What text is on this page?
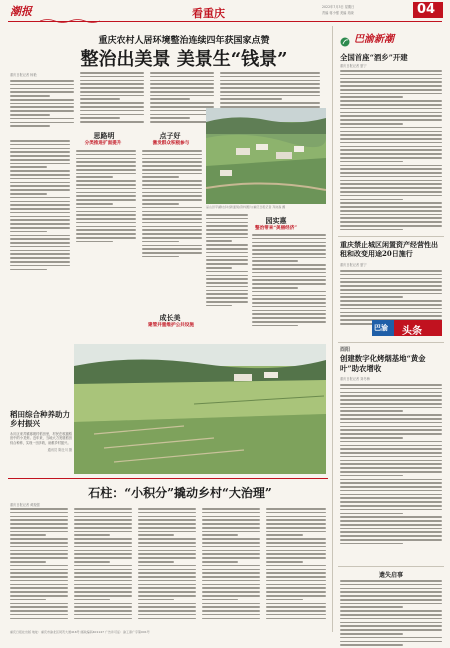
潮报	看重庆	2022年7月3日 星期日
责编 蒋小强 美编 吴晓	04
重庆农村人居环境整治连续四年获国家点赞
整治出美景 美景生“钱景”
重庆日报记者 杨艳
思路明
分类推进扩面提升
点子好
激发群众积极参与
巫山县平湖村乡村新面貌(资料图片)重庆日报记者 齐岚森 摄
成长美
建管并重维护公共设施
园实惠
整治带来“美丽经济”
稻田综合种养助力乡村振兴
永川区来苏镇寒坡村稻田里，村民在收割稻田中的小龙虾。近年来，当地大力发展稻田综合种养，实现一田多收，助推乡村振兴。
通讯员 陈仕川 摄
石柱：“小积分”撬动乡村“大治理”
重庆日报记者 黄振强
巴渝新潮
全国首座“酒乡”开建
重庆日报记者 夏宁
重庆禁止城区闲置资产经营性出租和改变用途20日施行
重庆日报记者 夏宁
巴渝 头条
酉阳
创建数字化烤烟基地“黄金叶”助农增收
重庆日报记者 刘冬梅
遗失启事
重庆日报社出版 地址：重庆市渝北区同茂大道416号 邮政编码401147 广告许可证：渝工商广字第001号
